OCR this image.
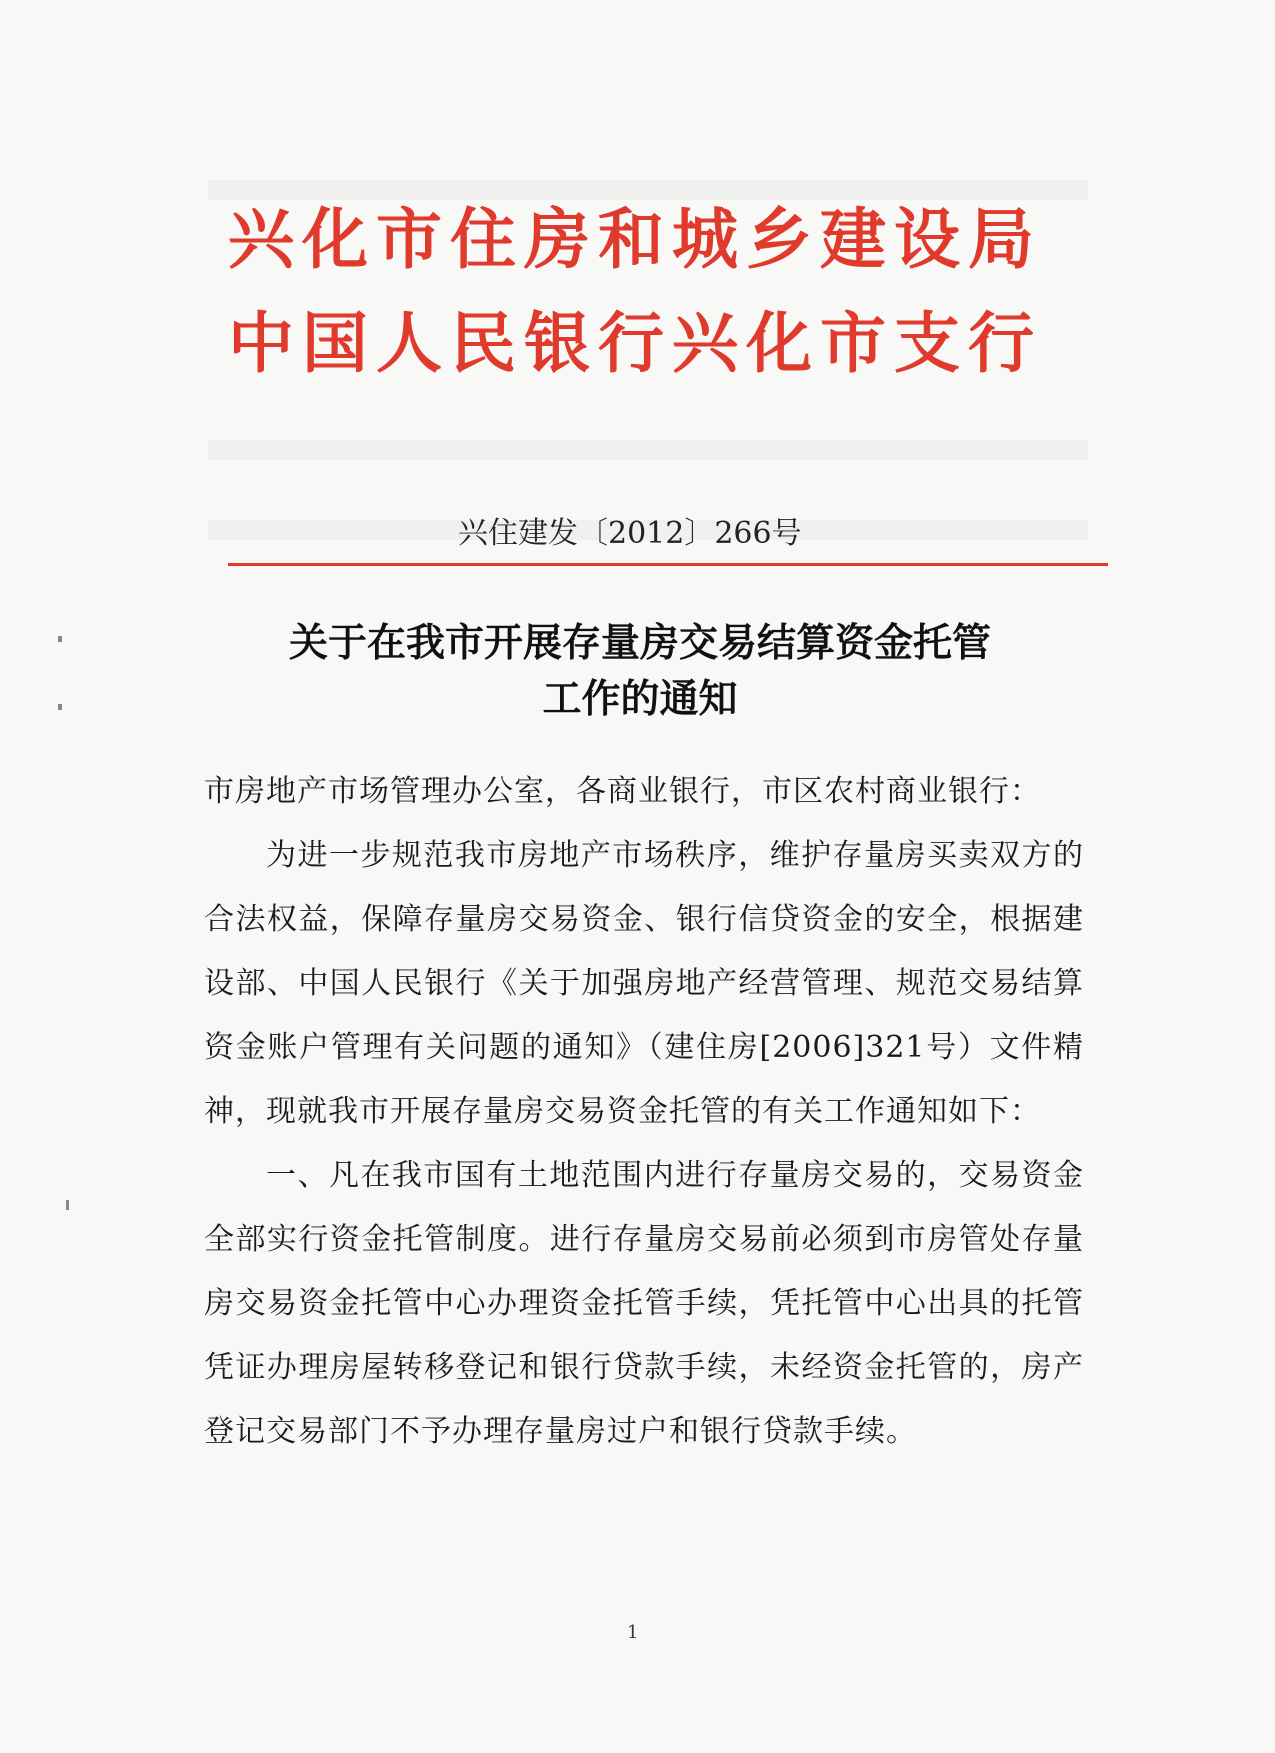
兴化市住房和城乡建设局
中国人民银行兴化市支行
兴住建发〔2012〕266号
关于在我市开展存量房交易结算资金托管
工作的通知

市房地产市场管理办公室，各商业银行，市区农村商业银行：

为进一步规范我市房地产市场秩序，维护存量房买卖双方的合法权益，保障存量房交易资金、银行信贷资金的安全，根据建设部、中国人民银行《关于加强房地产经营管理、规范交易结算资金账户管理有关问题的通知》（建住房[2006]321号）文件精神，现就我市开展存量房交易资金托管的有关工作通知如下：

一、凡在我市国有土地范围内进行存量房交易的，交易资金全部实行资金托管制度。进行存量房交易前必须到市房管处存量房交易资金托管中心办理资金托管手续，凭托管中心出具的托管凭证办理房屋转移登记和银行贷款手续，未经资金托管的，房产登记交易部门不予办理存量房过户和银行贷款手续。

1
